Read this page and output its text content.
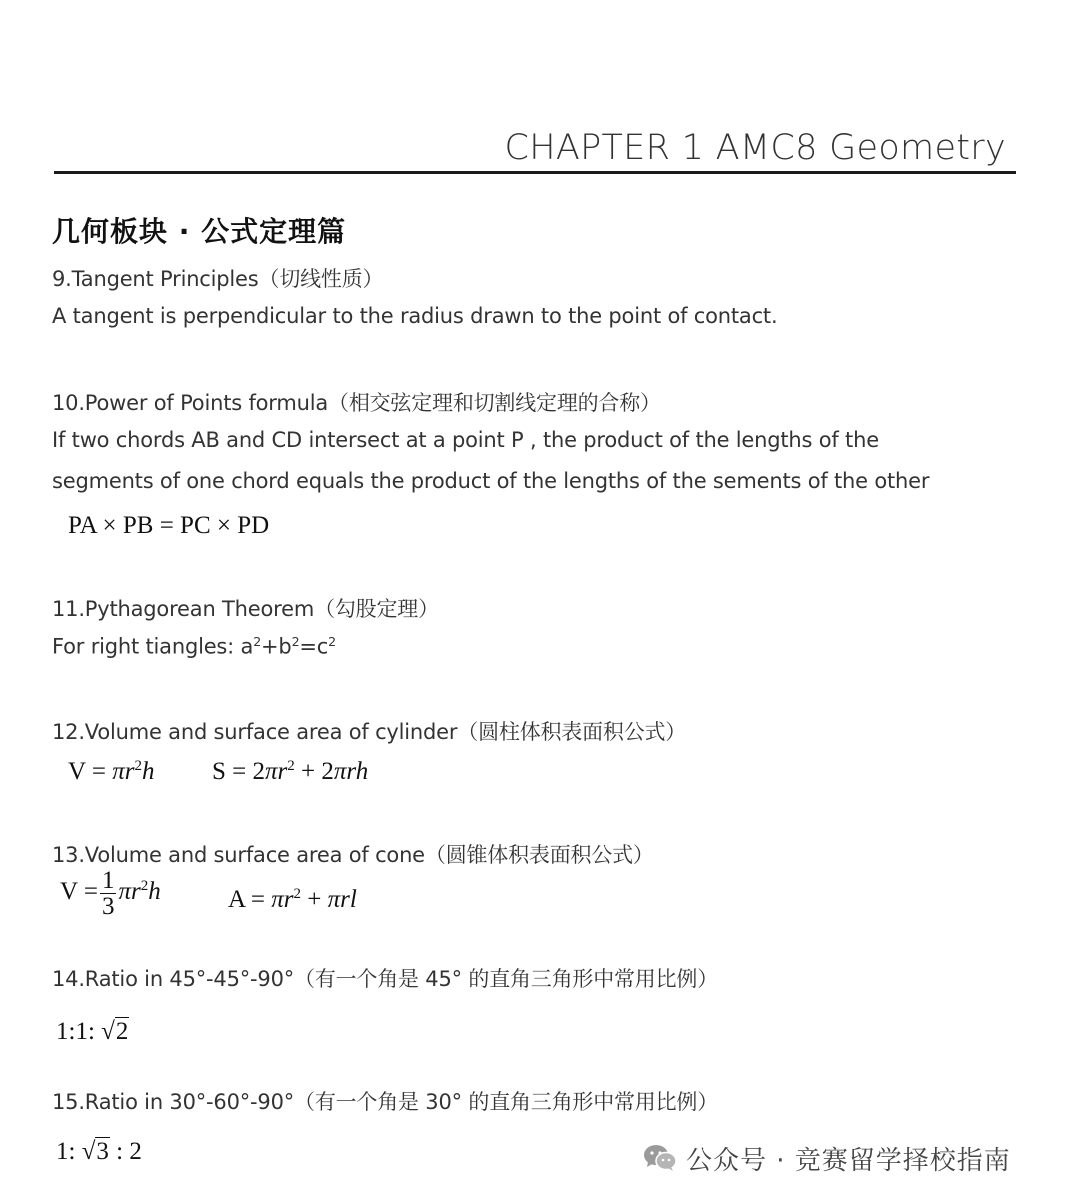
CHAPTER 1 AMC8 Geometry
几何板块 · 公式定理篇
9.Tangent Principles（切线性质）
A tangent is perpendicular to the radius drawn to the point of contact.
10.Power of Points formula（相交弦定理和切割线定理的合称）
If two chords AB and CD intersect at a point P , the product of the lengths of the
segments of one chord equals the product of the lengths of the sements of the other
PA × PB = PC × PD
11.Pythagorean Theorem（勾股定理）
For right tiangles: $a^2+b^2=c^2$
12.Volume and surface area of cylinder（圆柱体积表面积公式）
$V = \pi r^2h$ $S = 2\pi r^2 + 2\pi rh$
13.Volume and surface area of cone（圆锥体积表面积公式）
$V = \frac{1}{3} \pi r^2h$	$A = \pi r^2 + \pi rl$
14.Ratio in 45°-45°-90°（有一个角是 45° 的直角三角形中常用比例）
1:1: √2
15.Ratio in 30°-60°-90°（有一个角是 30° 的直角三角形中常用比例）
1: √3 : 2	公众号 · 竞赛留学择校指南
